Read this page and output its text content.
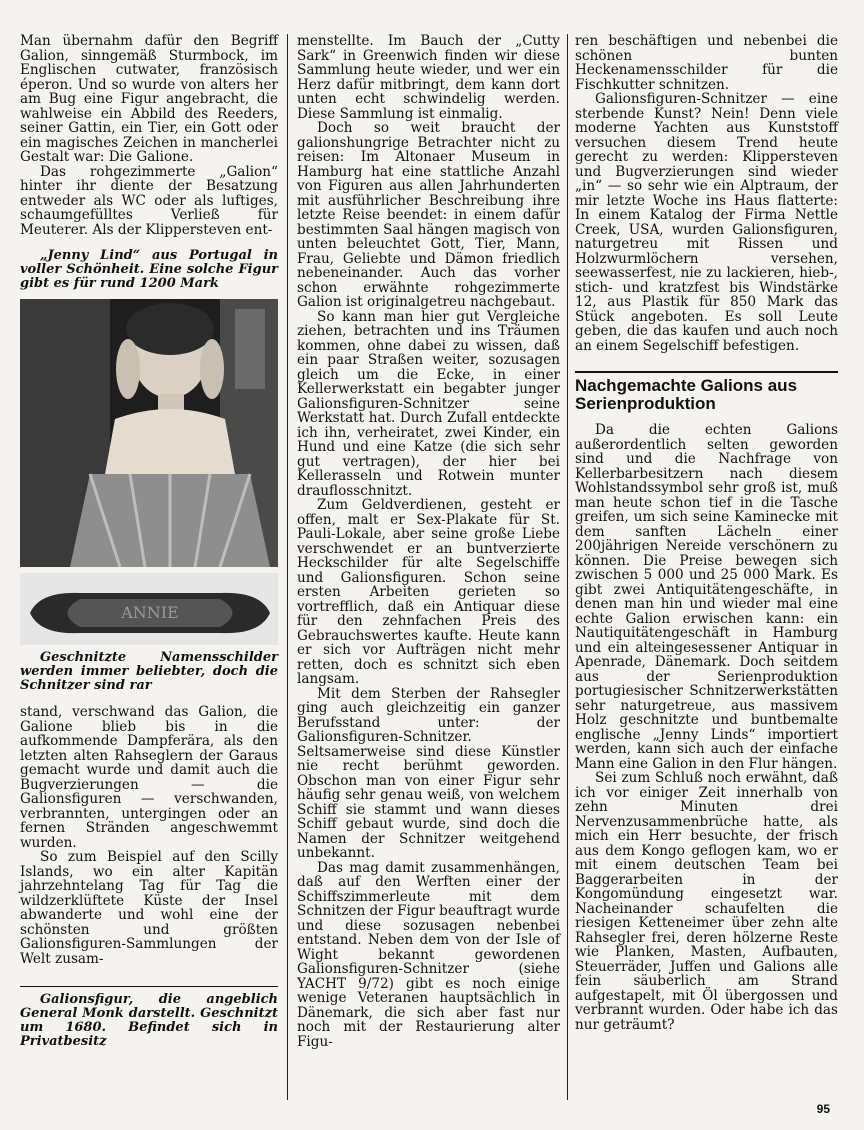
Man übernahm dafür den Begriff Galion, sinngemäß Sturmbock, im Englischen cutwater, französisch éperon. Und so wurde von alters her am Bug eine Figur angebracht, die wahlweise ein Abbild des Reeders, seiner Gattin, ein Tier, ein Gott oder ein magisches Zeichen in mancherlei Gestalt war: Die Galione.

Das rohgezimmerte „Galion“ hinter ihr diente der Besatzung entweder als WC oder als luftiges, schaumgefülltes Verließ für Meuterer. Als der Klippersteven ent-

„Jenny Lind“ aus Portugal in voller Schönheit. Eine solche Figur gibt es für rund 1200 Mark

ANNIE

Geschnitzte Namensschilder werden immer beliebter, doch die Schnitzer sind rar

stand, verschwand das Galion, die Galione blieb bis in die aufkommende Dampferära, als den letzten alten Rahseglern der Garaus gemacht wurde und damit auch die Bugverzierungen — die Galionsfiguren — verschwanden, verbrannten, untergingen oder an fernen Stränden angeschwemmt wurden.

So zum Beispiel auf den Scilly Islands, wo ein alter Kapitän jahrzehntelang Tag für Tag die wildzerklüftete Küste der Insel abwanderte und wohl eine der schönsten und größten Galionsfiguren-Sammlungen der Welt zusam-

Galionsfigur, die angeblich General Monk darstellt. Geschnitzt um 1680. Befindet sich in Privatbesitz

menstellte. Im Bauch der „Cutty Sark“ in Greenwich finden wir diese Sammlung heute wieder, und wer ein Herz dafür mitbringt, dem kann dort unten echt schwindelig werden. Diese Sammlung ist einmalig.

Doch so weit braucht der galionshungrige Betrachter nicht zu reisen: Im Altonaer Museum in Hamburg hat eine stattliche Anzahl von Figuren aus allen Jahrhunderten mit ausführlicher Beschreibung ihre letzte Reise beendet: in einem dafür bestimmten Saal hängen magisch von unten beleuchtet Gott, Tier, Mann, Frau, Geliebte und Dämon friedlich nebeneinander. Auch das vorher schon erwähnte rohgezimmerte Galion ist originalgetreu nachgebaut.

So kann man hier gut Vergleiche ziehen, betrachten und ins Träumen kommen, ohne dabei zu wissen, daß ein paar Straßen weiter, sozusagen gleich um die Ecke, in einer Kellerwerkstatt ein begabter junger Galionsfiguren-Schnitzer seine Werkstatt hat. Durch Zufall entdeckte ich ihn, verheiratet, zwei Kinder, ein Hund und eine Katze (die sich sehr gut vertragen), der hier bei Kellerasseln und Rotwein munter drauflosschnitzt.

Zum Geldverdienen, gesteht er offen, malt er Sex-Plakate für St. Pauli-Lokale, aber seine große Liebe verschwendet er an buntverzierte Heckschilder für alte Segelschiffe und Galionsfiguren. Schon seine ersten Arbeiten gerieten so vortrefflich, daß ein Antiquar diese für den zehnfachen Preis des Gebrauchswertes kaufte. Heute kann er sich vor Aufträgen nicht mehr retten, doch es schnitzt sich eben langsam.

Mit dem Sterben der Rahsegler ging auch gleichzeitig ein ganzer Berufsstand unter: der Galionsfiguren-Schnitzer. Seltsamerweise sind diese Künstler nie recht berühmt geworden. Obschon man von einer Figur sehr häufig sehr genau weiß, von welchem Schiff sie stammt und wann dieses Schiff gebaut wurde, sind doch die Namen der Schnitzer weitgehend unbekannt.

Das mag damit zusammenhängen, daß auf den Werften einer der Schiffszimmerleute mit dem Schnitzen der Figur beauftragt wurde und diese sozusagen nebenbei entstand. Neben dem von der Isle of Wight bekannt gewordenen Galionsfiguren-Schnitzer (siehe YACHT 9/72) gibt es noch einige wenige Veteranen hauptsächlich in Dänemark, die sich aber fast nur noch mit der Restaurierung alter Figu-

ren beschäftigen und nebenbei die schönen bunten Heckenamensschilder für die Fischkutter schnitzen.

Galionsfiguren-Schnitzer — eine sterbende Kunst? Nein! Denn viele moderne Yachten aus Kunststoff versuchen diesem Trend heute gerecht zu werden: Klippersteven und Bugverzierungen sind wieder „in“ — so sehr wie ein Alptraum, der mir letzte Woche ins Haus flatterte: In einem Katalog der Firma Nettle Creek, USA, wurden Galionsfiguren, naturgetreu mit Rissen und Holzwurmlöchern versehen, seewasserfest, nie zu lackieren, hieb-, stich- und kratzfest bis Windstärke 12, aus Plastik für 850 Mark das Stück angeboten. Es soll Leute geben, die das kaufen und auch noch an einem Segelschiff befestigen.

Nachgemachte Galions aus Serienproduktion

Da die echten Galions außerordentlich selten geworden sind und die Nachfrage von Kellerbarbesitzern nach diesem Wohlstandssymbol sehr groß ist, muß man heute schon tief in die Tasche greifen, um sich seine Kaminecke mit dem sanften Lächeln einer 200jährigen Nereide verschönern zu können. Die Preise bewegen sich zwischen 5 000 und 25 000 Mark. Es gibt zwei Antiquitätengeschäfte, in denen man hin und wieder mal eine echte Galion erwischen kann: ein Nautiquitätengeschäft in Hamburg und ein alteingesessener Antiquar in Apenrade, Dänemark. Doch seitdem aus der Serienproduktion portugiesischer Schnitzerwerkstätten sehr naturgetreue, aus massivem Holz geschnitzte und buntbemalte englische „Jenny Linds“ importiert werden, kann sich auch der einfache Mann eine Galion in den Flur hängen.

Sei zum Schluß noch erwähnt, daß ich vor einiger Zeit innerhalb von zehn Minuten drei Nervenzusammenbrüche hatte, als mich ein Herr besuchte, der frisch aus dem Kongo geflogen kam, wo er mit einem deutschen Team bei Baggerarbeiten in der Kongomündung eingesetzt war. Nacheinander schaufelten die riesigen Ketteneimer über zehn alte Rahsegler frei, deren hölzerne Reste wie Planken, Masten, Aufbauten, Steuerräder, Juffen und Galions alle fein säuberlich am Strand aufgestapelt, mit Öl übergossen und verbrannt wurden. Oder habe ich das nur geträumt?

95
